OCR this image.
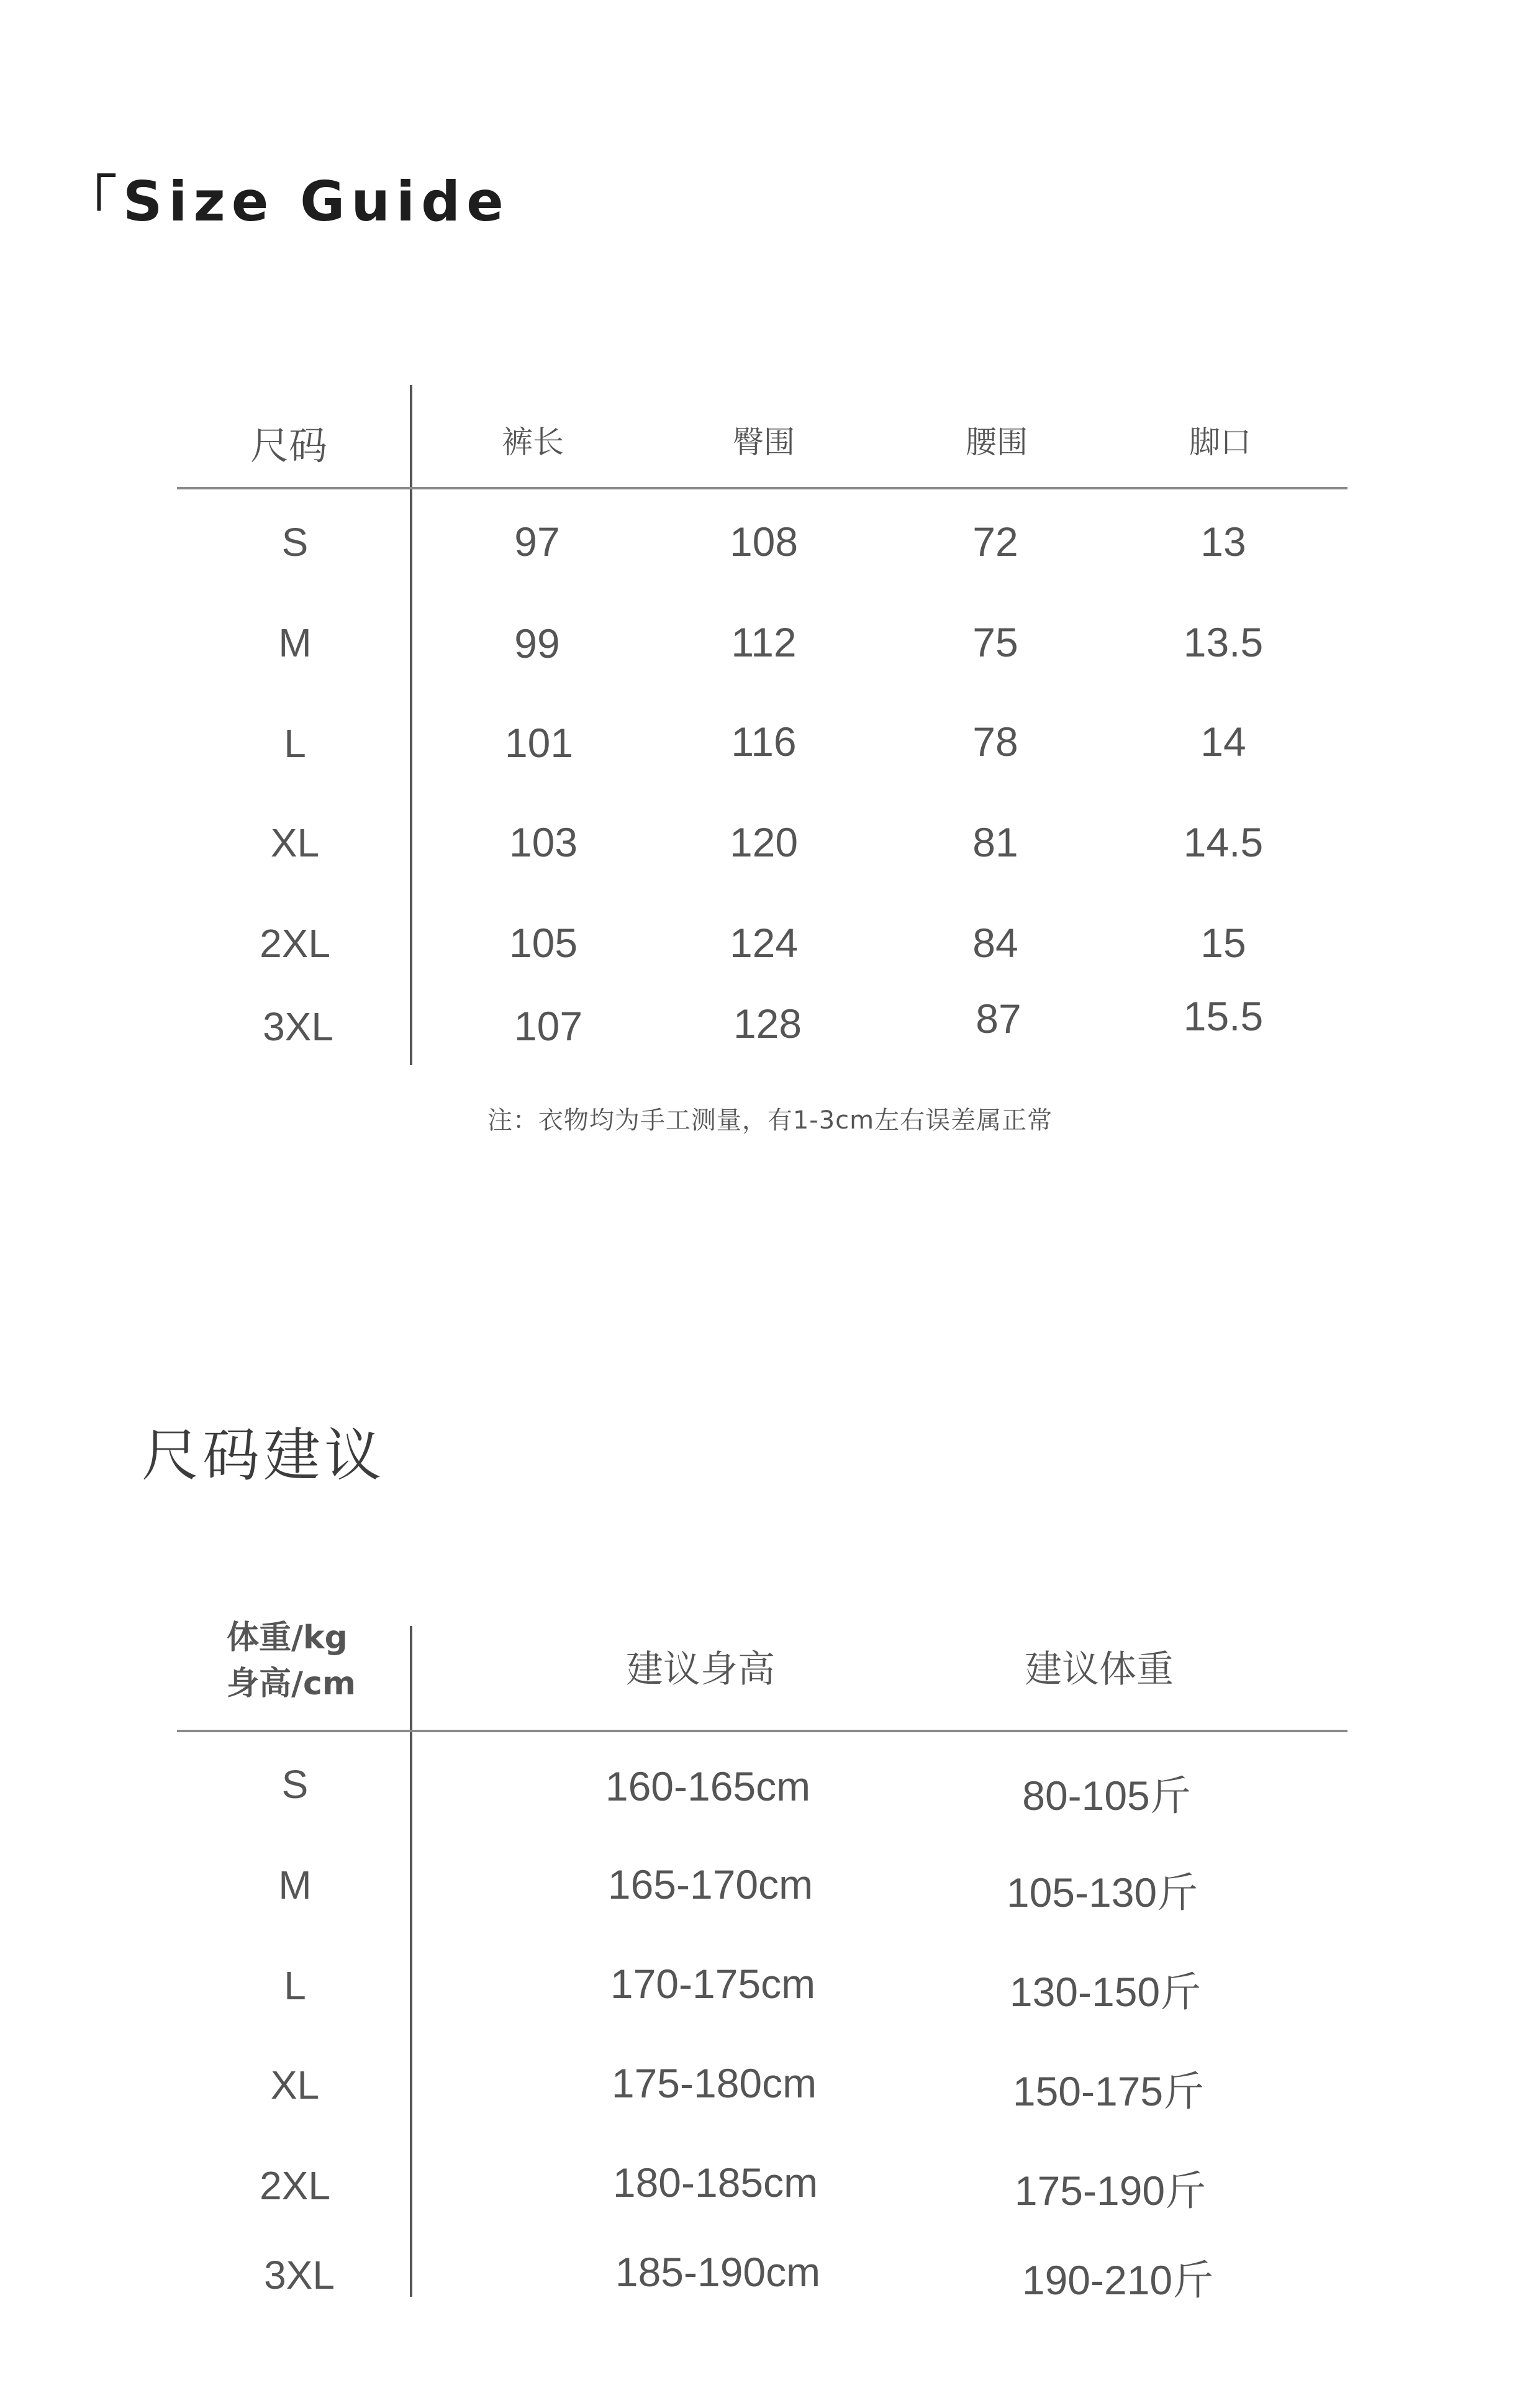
「Size Guide
尺码	裤长	臀围	腰围	脚口
S	97	108	72	13
M	99	112	75	13.5
L	101	116	78	14
XL	103	120	81	14.5
2XL	105	124	84	15
3XL	107	128	87	15.5
注：衣物均为手工测量，有1-3cm左右误差属正常
尺码建议
体重/kg
身高/cm	建议身高	建议体重
S	160-165cm	80-105斤
M	165-170cm	105-130斤
L	170-175cm	130-150斤
XL	175-180cm	150-175斤
2XL	180-185cm	175-190斤
3XL	185-190cm	190-210斤
